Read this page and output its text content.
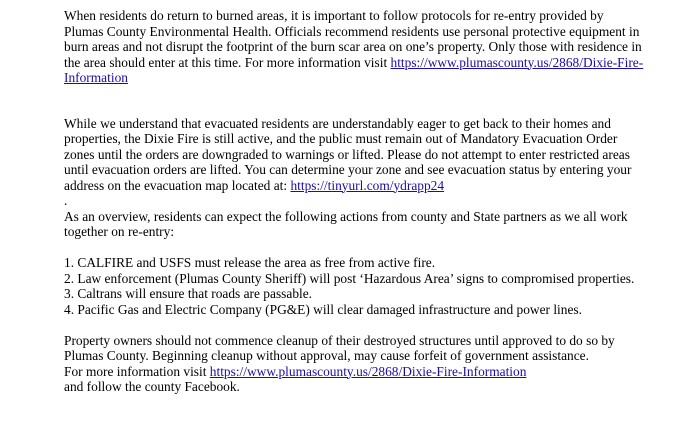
When residents do return to burned areas, it is important to follow protocols for re-entry provided by Plumas County Environmental Health. Officials recommend residents use personal protective equipment in burn areas and not disrupt the footprint of the burn scar area on one’s property. Only those with residence in the area should enter at this time. For more information visit https://www.plumascounty.us/2868/Dixie-Fire-Information

While we understand that evacuated residents are understandably eager to get back to their homes and properties, the Dixie Fire is still active, and the public must remain out of Mandatory Evacuation Order zones until the orders are downgraded to warnings or lifted. Please do not attempt to enter restricted areas until evacuation orders are lifted. You can determine your zone and see evacuation status by entering your address on the evacuation map located at: https://tinyurl.com/ydrapp24

.

As an overview, residents can expect the following actions from county and State partners as we all work together on re-entry:

1. CALFIRE and USFS must release the area as free from active fire.
2. Law enforcement (Plumas County Sheriff) will post ‘Hazardous Area’ signs to compromised properties.
3. Caltrans will ensure that roads are passable.
4. Pacific Gas and Electric Company (PG&E) will clear damaged infrastructure and power lines.

Property owners should not commence cleanup of their destroyed structures until approved to do so by Plumas County. Beginning cleanup without approval, may cause forfeit of government assistance.

For more information visit https://www.plumascounty.us/2868/Dixie-Fire-Information

and follow the county Facebook.
